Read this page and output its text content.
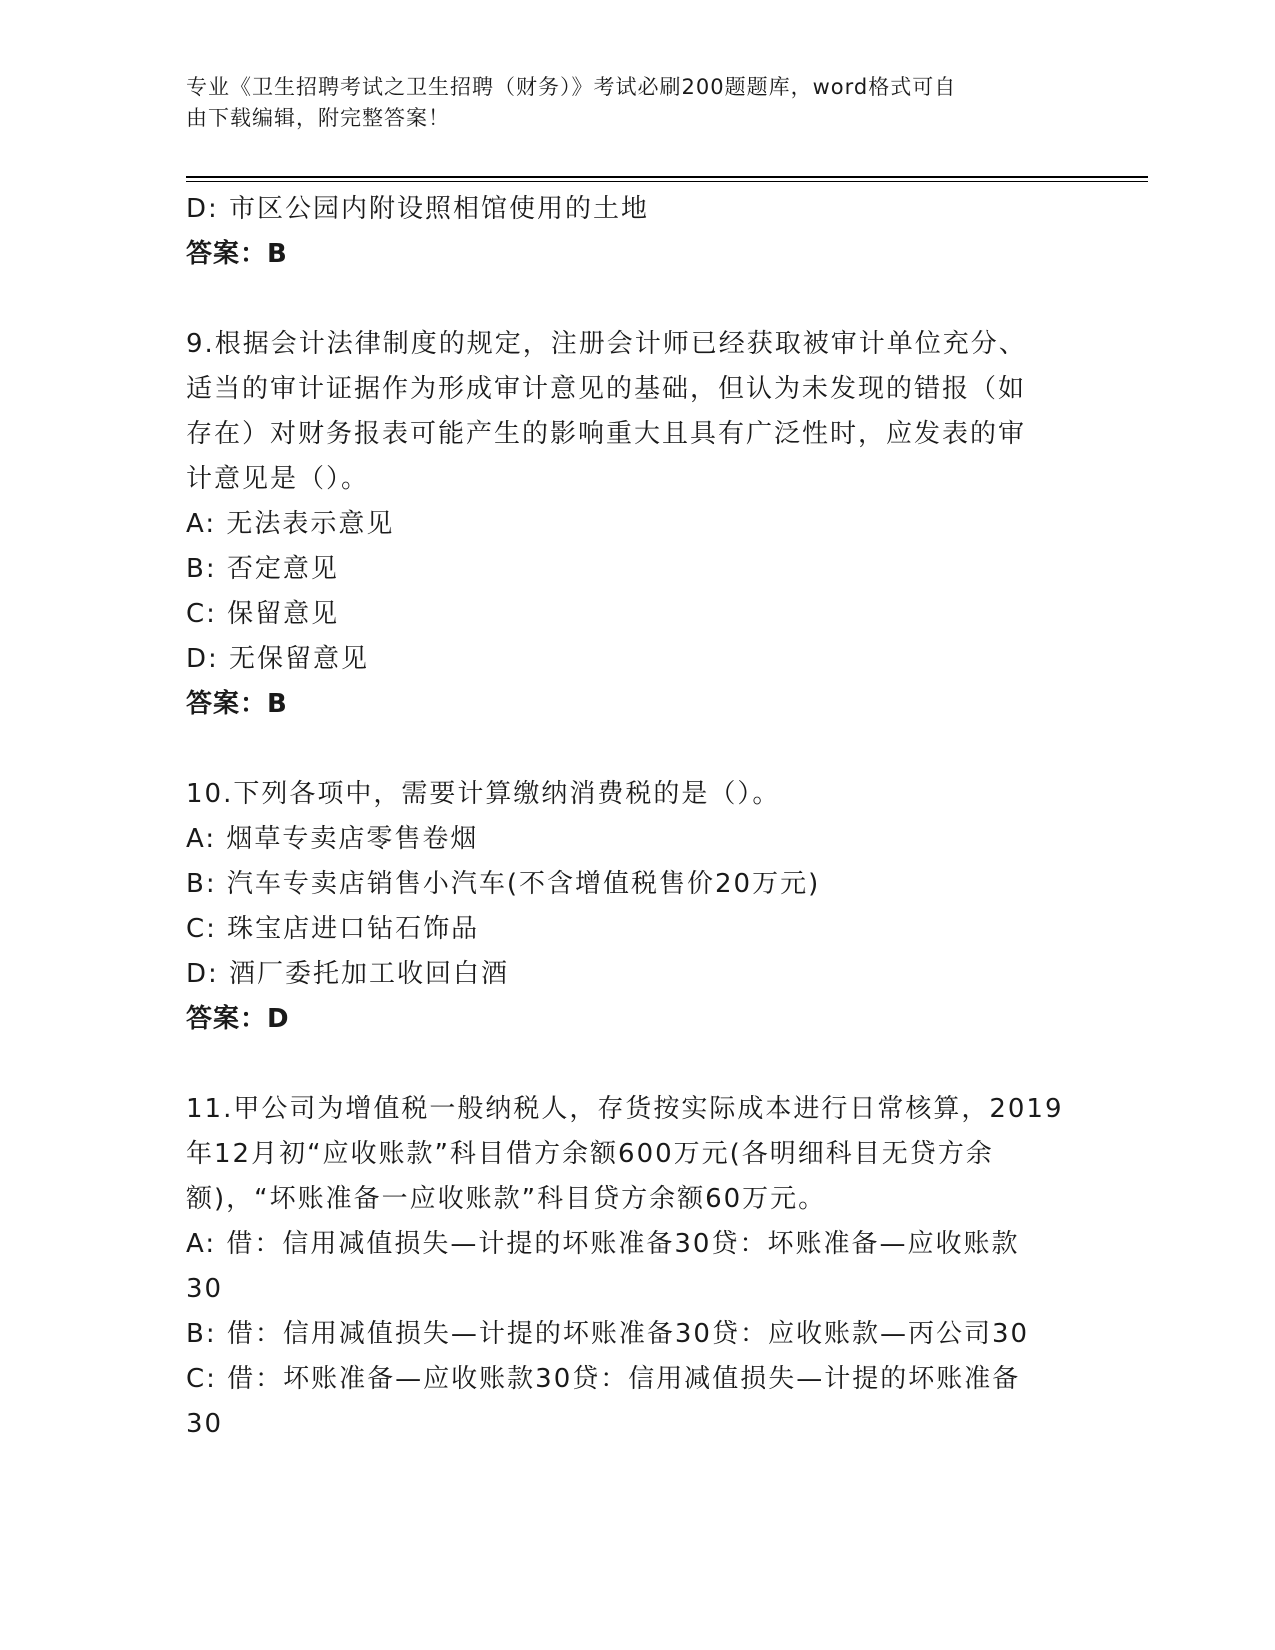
专业《卫生招聘考试之卫生招聘（财务）》考试必刷200题题库，word格式可自
由下载编辑，附完整答案！
D: 市区公园内附设照相馆使用的土地
答案：B
9.根据会计法律制度的规定，注册会计师已经获取被审计单位充分、
适当的审计证据作为形成审计意见的基础，但认为未发现的错报（如
存在）对财务报表可能产生的影响重大且具有广泛性时，应发表的审
计意见是（）。
A: 无法表示意见
B: 否定意见
C: 保留意见
D: 无保留意见
答案：B
10.下列各项中，需要计算缴纳消费税的是（）。
A: 烟草专卖店零售卷烟
B: 汽车专卖店销售小汽车(不含增值税售价20万元)
C: 珠宝店进口钻石饰品
D: 酒厂委托加工收回白酒
答案：D
11.甲公司为增值税一般纳税人，存货按实际成本进行日常核算，2019
年12月初“应收账款”科目借方余额600万元(各明细科目无贷方余
额)，“坏账准备一应收账款”科目贷方余额60万元。
A: 借：信用减值损失—计提的坏账准备30贷：坏账准备—应收账款
30
B: 借：信用减值损失—计提的坏账准备30贷：应收账款—丙公司30
C: 借：坏账准备—应收账款30贷：信用减值损失—计提的坏账准备
30
